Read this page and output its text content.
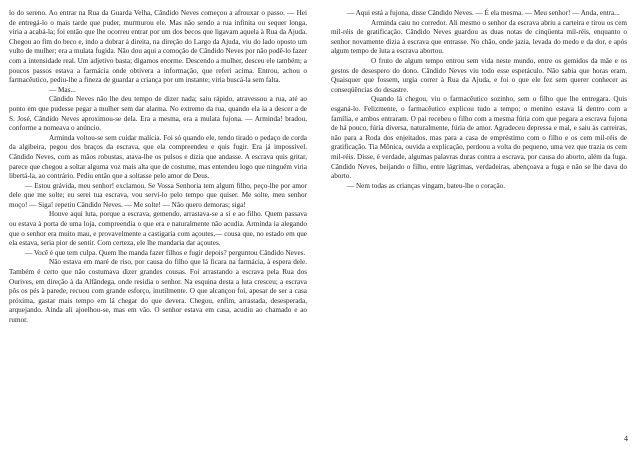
lo do sereno. Ao entrar na Rua da Guarda Velha, Cândido Neves começou a afrouxar o passo. — Hei de entregá-lo o mais tarde que puder, murmurou ele. Mas não sendo a rua infinita ou sequer longa, viria a acabá-la; foi então que lhe ocorreu entrar por um dos becos que ligavam aquela à Rua da Ajuda. Chegou ao fim do beco e, indo a dobrar à direita, na direção do Largo da Ajuda, viu do lado oposto um vulto de mulher; era a mulata fugida. Não dou aqui a comoção de Cândido Neves por não podê-lo fazer com a intensidade real. Um adjetivo basta; digamos enorme. Descendo a mulher, desceu ele também; a poucos passos estava a farmácia onde obtivera a informação, que referi acima. Entrou, achou o farmacêutico, pediu-lhe a fineza de guardar a criança por um instante; viria buscá-la sem falta.

— Mas...

Cândido Neves não lhe deu tempo de dizer nada; saiu rápido, atravessou a rua, até ao ponto em que pudesse pegar a mulher sem dar alarma. No extremo da rua, quando ela ia a descer a de S. José, Cândido Neves aproximou-se dela. Era a mesma, era a mulata fujona. — Arminda! bradou, conforme a nomeava o anúncio.

Arminda voltou-se sem cuidar malícia. Foi só quando ele, tendo tirado o pedaço de corda da algibeira, pegou dos braços da escrava, que ela compreendeu e quis fugir. Era já impossível. Cândido Neves, com as mãos robustas, atava-lhe os pulsos e dizia que andasse. A escrava quis gritar, parece que chegou a soltar alguma voz mais alta que de costume, mas entendeu logo que ninguém viria libertá-la, ao contrário. Pediu então que a soltasse pelo amor de Deus.

— Estou grávida, meu senhor! exclamou. Se Vossa Senhoria tem algum filho, peço-lhe por amor dele que me solte; eu serei tua escrava, vou servi-lo pelo tempo que quiser. Me solte, meu senhor moço! — Siga! repetiu Cândido Neves. — Me solte! — Não quero demoras; siga!

Houve aqui luta, porque a escrava, gemendo, arrastava-se a si e ao filho. Quem passava ou estava à porta de uma loja, compreendia o que era e naturalmente não acudia. Arminda ia alegando que o senhor era muito mau, e provavelmente a castigaria com açoutes,— cousa que, no estado em que ela estava, seria pior de sentir. Com certeza, ele lhe mandaria dar açoutes.

— Você é que tem culpa. Quem lhe manda fazer filhos e fugir depois? perguntou Cândido Neves.

Não estava em maré de riso, por causa do filho que lá ficara na farmácia, à espera dele. Também é certo que não costumava dizer grandes cousas. Foi arrastando a escrava pela Rua dos Ourives, em direção à da Alfândega, onde residia o senhor. Na esquina desta a luta cresceu; a escrava pôs os pés à parede, recuou com grande esforço, inutilmente. O que alcançou foi, apesar de ser a casa próxima, gastar mais tempo em lá chegar do que devera. Chegou, enfim, arrastada, desesperada, arquejando. Ainda ali ajoelhou-se, mas em vão. O senhor estava em casa, acudiu ao chamado e ao rumor.

— Aqui está a fujona, disse Cândido Neves. — É ela mesma. — Meu senhor! — Anda, entra...

Arminda caiu no corredor. Ali mesmo o senhor da escrava abriu a carteira e tirou os cem mil-réis de gratificação. Cândido Neves guardou as duas notas de cinqüenta mil-réis, enquanto o senhor novamente dizia à escrava que entrasse. No chão, onde jazia, levada do medo e da dor, e após algum tempo de luta a escrava abortou.

O fruto de algum tempo entrou sem vida neste mundo, entre os gemidos da mãe e os gestos de desespero do dono. Cândido Neves viu todo esse espetáculo. Não sabia que horas eram. Quaisquer que fossem, urgia correr à Rua da Ajuda, e foi o que ele fez sem querer conhecer as conseqüências do desastre.

Quando lá chegou, viu o farmacêutico sozinho, sem o filho que lhe entregara. Quis esganá-lo. Felizmente, o farmacêutico explicou tudo a tempo; o menino estava lá dentro com a família, e ambos entraram. O pai recebeu o filho com a mesma fúria com que pegara a escrava fujona de há pouco, fúria diversa, naturalmente, fúria de amor. Agradeceu depressa e mal, e saiu às carreiras, não para a Roda dos enjeitados, mas para a casa de empréstimo com o filho e os cem mil-réis de gratificação. Tia Mônica, ouvida a explicação, perdoou a volta do pequeno, uma vez que trazia os cem mil-réis. Disse, é verdade, algumas palavras duras contra a escrava, por causa do aborto, além da fuga. Cândido Neves, beijando o filho, entre lágrimas, verdadeiras, abençoava a fuga e não se lhe dava do aborto.

— Nem todas as crianças vingam, bateu-lhe o coração.

4
